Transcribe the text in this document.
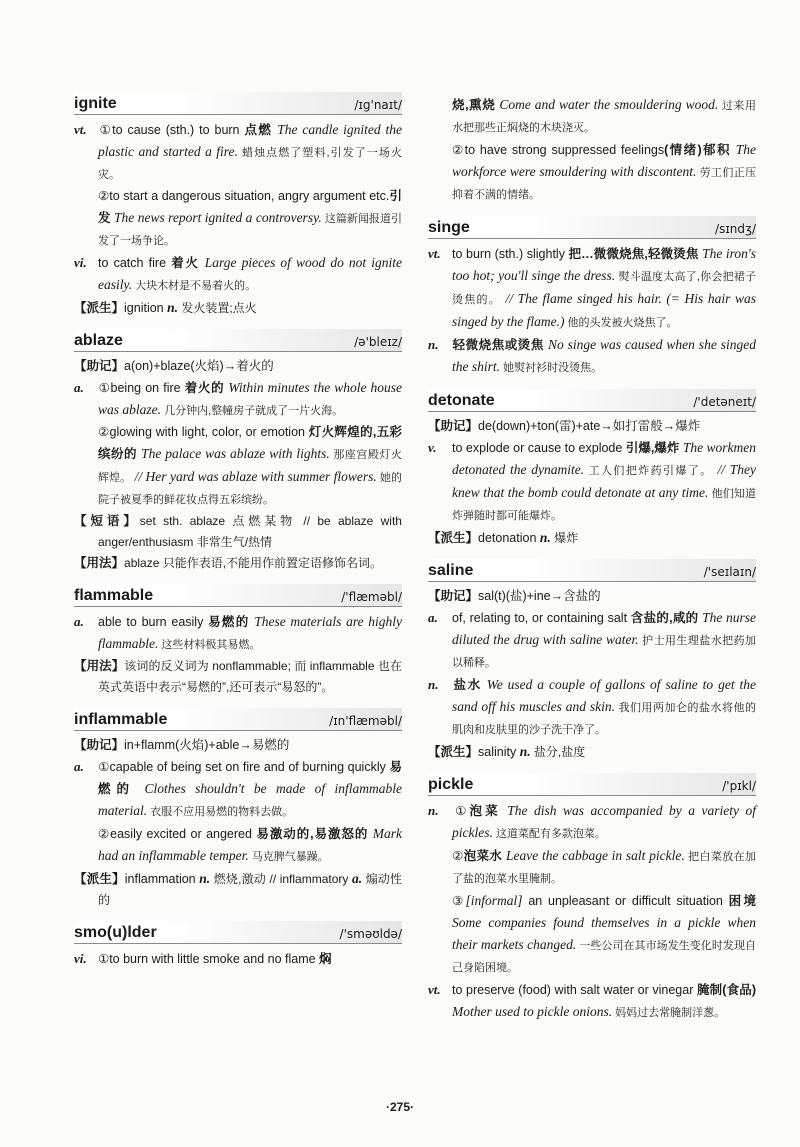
ignite	/ɪg'naɪt/

vt. ①to cause (sth.) to burn 点燃 The candle ignited the plastic and started a fire. 蜡烛点燃了塑料,引发了一场火灾。

②to start a dangerous situation, angry argument etc.引发 The news report ignited a controversy. 这篇新闻报道引发了一场争论。

vi. to catch fire 着火 Large pieces of wood do not ignite easily. 大块木材是不易着火的。

【派生】ignition n. 发火装置;点火

ablaze	/ə'bleɪz/

【助记】a(on)+blaze(火焰)→着火的

a. ①being on fire 着火的 Within minutes the whole house was ablaze. 几分钟内,整幢房子就成了一片火海。

②glowing with light, color, or emotion 灯火辉煌的,五彩缤纷的 The palace was ablaze with lights. 那座宫殿灯火辉煌。 // Her yard was ablaze with summer flowers. 她的院子被夏季的鲜花妆点得五彩缤纷。

【短语】set sth. ablaze 点燃某物 // be ablaze with anger/enthusiasm 非常生气/热情

【用法】ablaze 只能作表语,不能用作前置定语修饰名词。

flammable	/'flæməbl/

a. able to burn easily 易燃的 These materials are highly flammable. 这些材料极其易燃。

【用法】该词的反义词为 nonflammable; 而 inflammable 也在英式英语中表示“易燃的”,还可表示“易怒的”。

inflammable	/ɪn'flæməbl/

【助记】in+flamm(火焰)+able→易燃的

a. ①capable of being set on fire and of burning quickly 易燃的 Clothes shouldn't be made of inflammable material. 衣服不应用易燃的物料去做。

②easily excited or angered 易激动的,易激怒的 Mark had an inflammable temper. 马克脾气暴躁。

【派生】inflammation n. 燃烧,激动 // inflammatory a. 煽动性的

smo(u)lder	/'sməʊldə/

vi. ①to burn with little smoke and no flame 焖

烧,熏烧 Come and water the smouldering wood. 过来用水把那些正焖烧的木块浇灭。

②to have strong suppressed feelings(情绪)郁积 The workforce were smouldering with discontent. 劳工们正压抑着不满的情绪。

singe	/sɪndʒ/

vt. to burn (sth.) slightly 把…微微烧焦,轻微烫焦 The iron's too hot; you'll singe the dress. 熨斗温度太高了,你会把裙子烫焦的。 // The flame singed his hair. (= His hair was singed by the flame.) 他的头发被火烧焦了。

n. 轻微烧焦或烫焦 No singe was caused when she singed the shirt. 她熨衬衫时没烫焦。

detonate	/'detəneɪt/

【助记】de(down)+ton(雷)+ate→如打雷般→爆炸

v. to explode or cause to explode 引爆,爆炸 The workmen detonated the dynamite. 工人们把炸药引爆了。 // They knew that the bomb could detonate at any time. 他们知道炸弹随时都可能爆炸。

【派生】detonation n. 爆炸

saline	/'seɪlaɪn/

【助记】sal(t)(盐)+ine→含盐的

a. of, relating to, or containing salt 含盐的,咸的 The nurse diluted the drug with saline water. 护士用生理盐水把药加以稀释。

n. 盐水 We used a couple of gallons of saline to get the sand off his muscles and skin. 我们用两加仑的盐水将他的肌肉和皮肤里的沙子洗干净了。

【派生】salinity n. 盐分,盐度

pickle	/'pɪkl/

n. ①泡菜 The dish was accompanied by a variety of pickles. 这道菜配有多款泡菜。

②泡菜水 Leave the cabbage in salt pickle. 把白菜放在加了盐的泡菜水里腌制。

③[informal] an unpleasant or difficult situation 困境 Some companies found themselves in a pickle when their markets changed. 一些公司在其市场发生变化时发现自己身陷困境。

vt. to preserve (food) with salt water or vinegar 腌制(食品) Mother used to pickle onions. 妈妈过去常腌制洋葱。

·275·
